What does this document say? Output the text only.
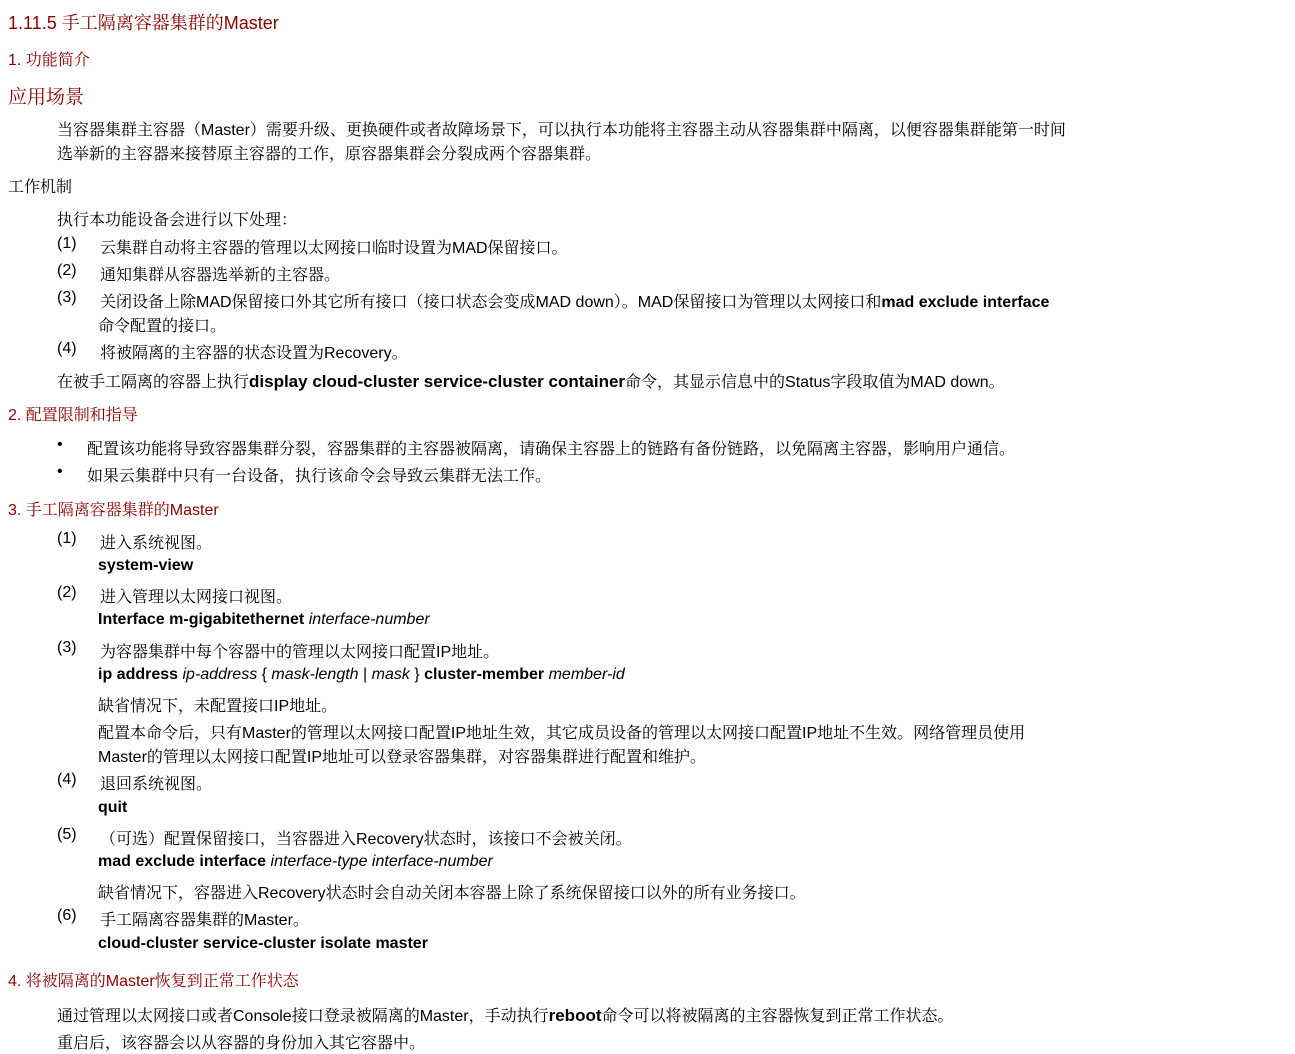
1.11.5 手工隔离容器集群的Master
1. 功能简介
应用场景
当容器集群主容器（Master）需要升级、更换硬件或者故障场景下，可以执行本功能将主容器主动从容器集群中隔离，以便容器集群能第一时间
选举新的主容器来接替原主容器的工作，原容器集群会分裂成两个容器集群。
工作机制
执行本功能设备会进行以下处理：
(1) 云集群自动将主容器的管理以太网接口临时设置为MAD保留接口。
(2) 通知集群从容器选举新的主容器。
(3) 关闭设备上除MAD保留接口外其它所有接口（接口状态会变成MAD down）。MAD保留接口为管理以太网接口和mad exclude interface
命令配置的接口。
(4) 将被隔离的主容器的状态设置为Recovery。
在被手工隔离的容器上执行display cloud-cluster service-cluster container命令，其显示信息中的Status字段取值为MAD down。
2. 配置限制和指导
• 配置该功能将导致容器集群分裂，容器集群的主容器被隔离，请确保主容器上的链路有备份链路，以免隔离主容器，影响用户通信。
• 如果云集群中只有一台设备，执行该命令会导致云集群无法工作。
3. 手工隔离容器集群的Master
(1) 进入系统视图。
system-view
(2) 进入管理以太网接口视图。
Interface m-gigabitethernet interface-number
(3) 为容器集群中每个容器中的管理以太网接口配置IP地址。
ip address ip-address { mask-length | mask } cluster-member member-id
缺省情况下，未配置接口IP地址。
配置本命令后，只有Master的管理以太网接口配置IP地址生效，其它成员设备的管理以太网接口配置IP地址不生效。网络管理员使用
Master的管理以太网接口配置IP地址可以登录容器集群，对容器集群进行配置和维护。
(4) 退回系统视图。
quit
(5) （可选）配置保留接口，当容器进入Recovery状态时，该接口不会被关闭。
mad exclude interface interface-type interface-number
缺省情况下，容器进入Recovery状态时会自动关闭本容器上除了系统保留接口以外的所有业务接口。
(6) 手工隔离容器集群的Master。
cloud-cluster service-cluster isolate master
4. 将被隔离的Master恢复到正常工作状态
通过管理以太网接口或者Console接口登录被隔离的Master，手动执行reboot命令可以将被隔离的主容器恢复到正常工作状态。
重启后，该容器会以从容器的身份加入其它容器中。
